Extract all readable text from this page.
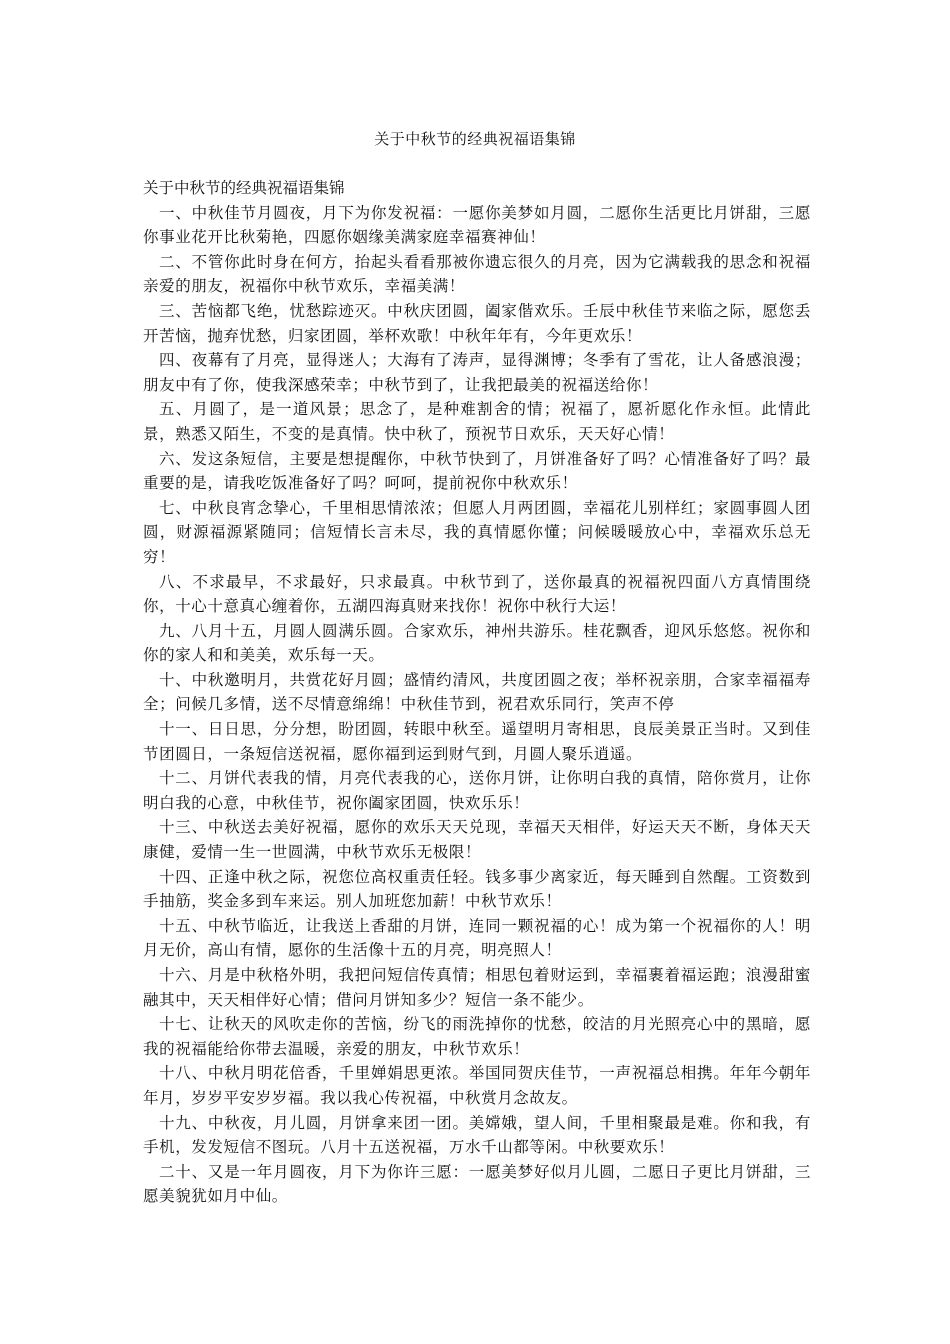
关于中秋节的经典祝福语集锦

关于中秋节的经典祝福语集锦

一、中秋佳节月圆夜，月下为你发祝福：一愿你美梦如月圆，二愿你生活更比月饼甜，三愿你事业花开比秋菊艳，四愿你姻缘美满家庭幸福赛神仙！

二、不管你此时身在何方，抬起头看看那被你遗忘很久的月亮，因为它满载我的思念和祝福亲爱的朋友，祝福你中秋节欢乐，幸福美满！

三、苦恼都飞绝，忧愁踪迹灭。中秋庆团圆，阖家偕欢乐。壬辰中秋佳节来临之际，愿您丢开苦恼，抛弃忧愁，归家团圆，举杯欢歌！中秋年年有，今年更欢乐！

四、夜幕有了月亮，显得迷人；大海有了涛声，显得渊博；冬季有了雪花，让人备感浪漫；朋友中有了你，使我深感荣幸；中秋节到了，让我把最美的祝福送给你！

五、月圆了，是一道风景；思念了，是种难割舍的情；祝福了，愿祈愿化作永恒。此情此景，熟悉又陌生，不变的是真情。快中秋了，预祝节日欢乐，天天好心情！

六、发这条短信，主要是想提醒你，中秋节快到了，月饼准备好了吗？心情准备好了吗？最重要的是，请我吃饭准备好了吗？呵呵，提前祝你中秋欢乐！

七、中秋良宵念挚心，千里相思情浓浓；但愿人月两团圆，幸福花儿别样红；家圆事圆人团圆，财源福源紧随同；信短情长言未尽，我的真情愿你懂；问候暖暖放心中，幸福欢乐总无穷！

八、不求最早，不求最好，只求最真。中秋节到了，送你最真的祝福祝四面八方真情围绕你，十心十意真心缠着你，五湖四海真财来找你！祝你中秋行大运！

九、八月十五，月圆人圆满乐圆。合家欢乐，神州共游乐。桂花飘香，迎风乐悠悠。祝你和你的家人和和美美，欢乐每一天。

十、中秋邀明月，共赏花好月圆；盛情约清风，共度团圆之夜；举杯祝亲朋，合家幸福福寿全；问候几多情，送不尽情意绵绵！中秋佳节到，祝君欢乐同行，笑声不停

十一、日日思，分分想，盼团圆，转眼中秋至。遥望明月寄相思，良辰美景正当时。又到佳节团圆日，一条短信送祝福，愿你福到运到财气到，月圆人聚乐逍遥。

十二、月饼代表我的情，月亮代表我的心，送你月饼，让你明白我的真情，陪你赏月，让你明白我的心意，中秋佳节，祝你阖家团圆，快欢乐乐！

十三、中秋送去美好祝福，愿你的欢乐天天兑现，幸福天天相伴，好运天天不断，身体天天康健，爱情一生一世圆满，中秋节欢乐无极限！

十四、正逢中秋之际，祝您位高权重责任轻。钱多事少离家近，每天睡到自然醒。工资数到手抽筋，奖金多到车来运。别人加班您加薪！中秋节欢乐！

十五、中秋节临近，让我送上香甜的月饼，连同一颗祝福的心！成为第一个祝福你的人！明月无价，高山有情，愿你的生活像十五的月亮，明亮照人！

十六、月是中秋格外明，我把问短信传真情；相思包着财运到，幸福裹着福运跑；浪漫甜蜜融其中，天天相伴好心情；借问月饼知多少？短信一条不能少。

十七、让秋天的风吹走你的苦恼，纷飞的雨洗掉你的忧愁，皎洁的月光照亮心中的黑暗，愿我的祝福能给你带去温暖，亲爱的朋友，中秋节欢乐！

十八、中秋月明花倍香，千里婵娟思更浓。举国同贺庆佳节，一声祝福总相携。年年今朝年年月，岁岁平安岁岁福。我以我心传祝福，中秋赏月念故友。

十九、中秋夜，月儿圆，月饼拿来团一团。美嫦娥，望人间，千里相聚最是难。你和我，有手机，发发短信不图玩。八月十五送祝福，万水千山都等闲。中秋要欢乐！

二十、又是一年月圆夜，月下为你许三愿：一愿美梦好似月儿圆，二愿日子更比月饼甜，三愿美貌犹如月中仙。
